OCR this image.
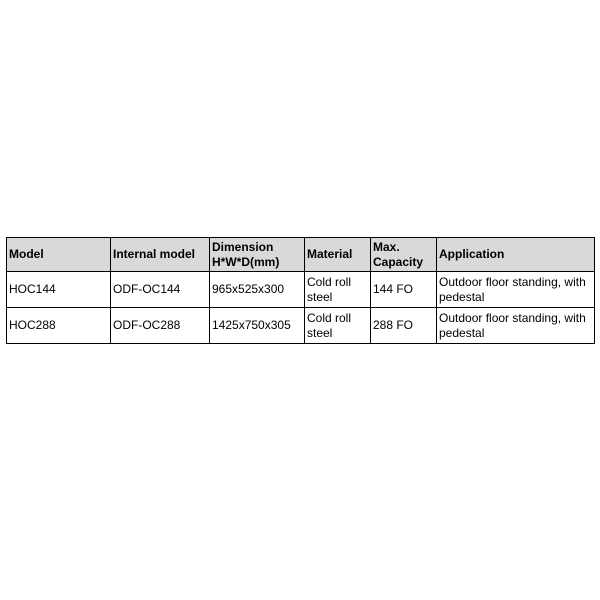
Model	Internal model	Dimension H*W*D(mm)	Material	Max. Capacity	Application
HOC144	ODF-OC144	965x525x300	Cold roll steel	144 FO	Outdoor floor standing, with pedestal
HOC288	ODF-OC288	1425x750x305	Cold roll steel	288 FO	Outdoor floor standing, with pedestal
